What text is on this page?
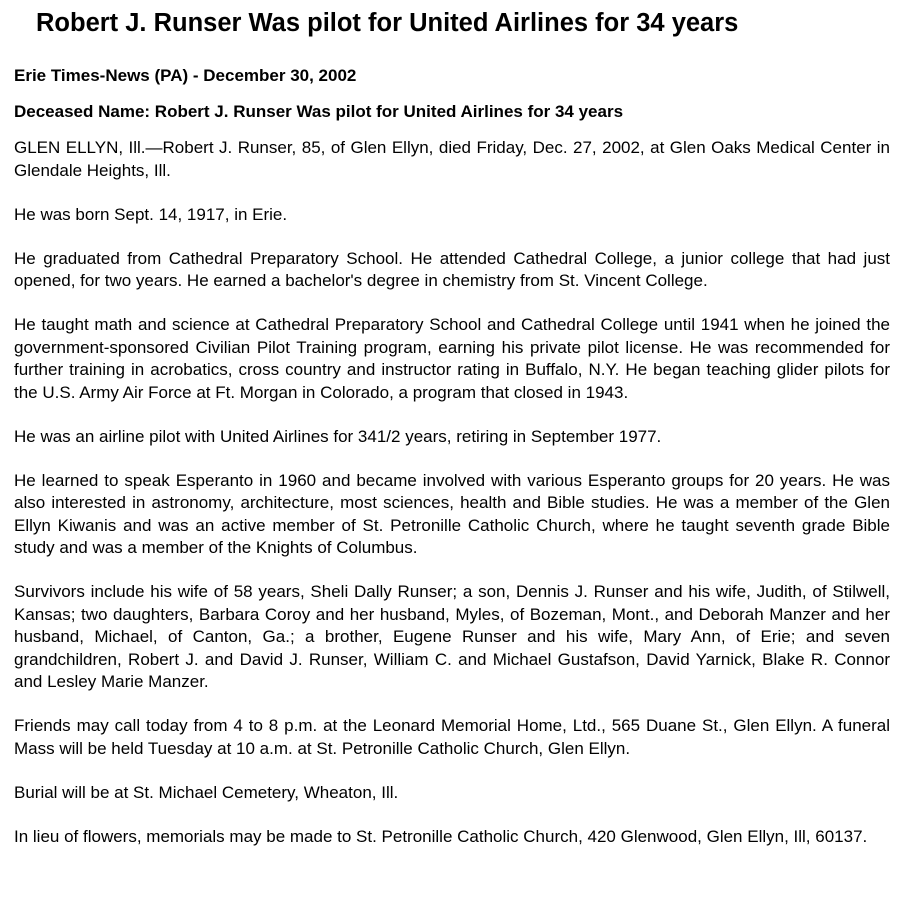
Robert J. Runser Was pilot for United Airlines for 34 years
Erie Times-News (PA) - December 30, 2002
Deceased Name: Robert J. Runser Was pilot for United Airlines for 34 years

GLEN ELLYN, Ill.—Robert J. Runser, 85, of Glen Ellyn, died Friday, Dec. 27, 2002, at Glen Oaks Medical Center in Glendale Heights, Ill.

He was born Sept. 14, 1917, in Erie.

He graduated from Cathedral Preparatory School. He attended Cathedral College, a junior college that had just opened, for two years. He earned a bachelor's degree in chemistry from St. Vincent College.

He taught math and science at Cathedral Preparatory School and Cathedral College until 1941 when he joined the government-sponsored Civilian Pilot Training program, earning his private pilot license. He was recommended for further training in acrobatics, cross country and instructor rating in Buffalo, N.Y. He began teaching glider pilots for the U.S. Army Air Force at Ft. Morgan in Colorado, a program that closed in 1943.

He was an airline pilot with United Airlines for 341/2 years, retiring in September 1977.

He learned to speak Esperanto in 1960 and became involved with various Esperanto groups for 20 years. He was also interested in astronomy, architecture, most sciences, health and Bible studies. He was a member of the Glen Ellyn Kiwanis and was an active member of St. Petronille Catholic Church, where he taught seventh grade Bible study and was a member of the Knights of Columbus.

Survivors include his wife of 58 years, Sheli Dally Runser; a son, Dennis J. Runser and his wife, Judith, of Stilwell, Kansas; two daughters, Barbara Coroy and her husband, Myles, of Bozeman, Mont., and Deborah Manzer and her husband, Michael, of Canton, Ga.; a brother, Eugene Runser and his wife, Mary Ann, of Erie; and seven grandchildren, Robert J. and David J. Runser, William C. and Michael Gustafson, David Yarnick, Blake R. Connor and Lesley Marie Manzer.

Friends may call today from 4 to 8 p.m. at the Leonard Memorial Home, Ltd., 565 Duane St., Glen Ellyn. A funeral Mass will be held Tuesday at 10 a.m. at St. Petronille Catholic Church, Glen Ellyn.

Burial will be at St. Michael Cemetery, Wheaton, Ill.

In lieu of flowers, memorials may be made to St. Petronille Catholic Church, 420 Glenwood, Glen Ellyn, Ill, 60137.
